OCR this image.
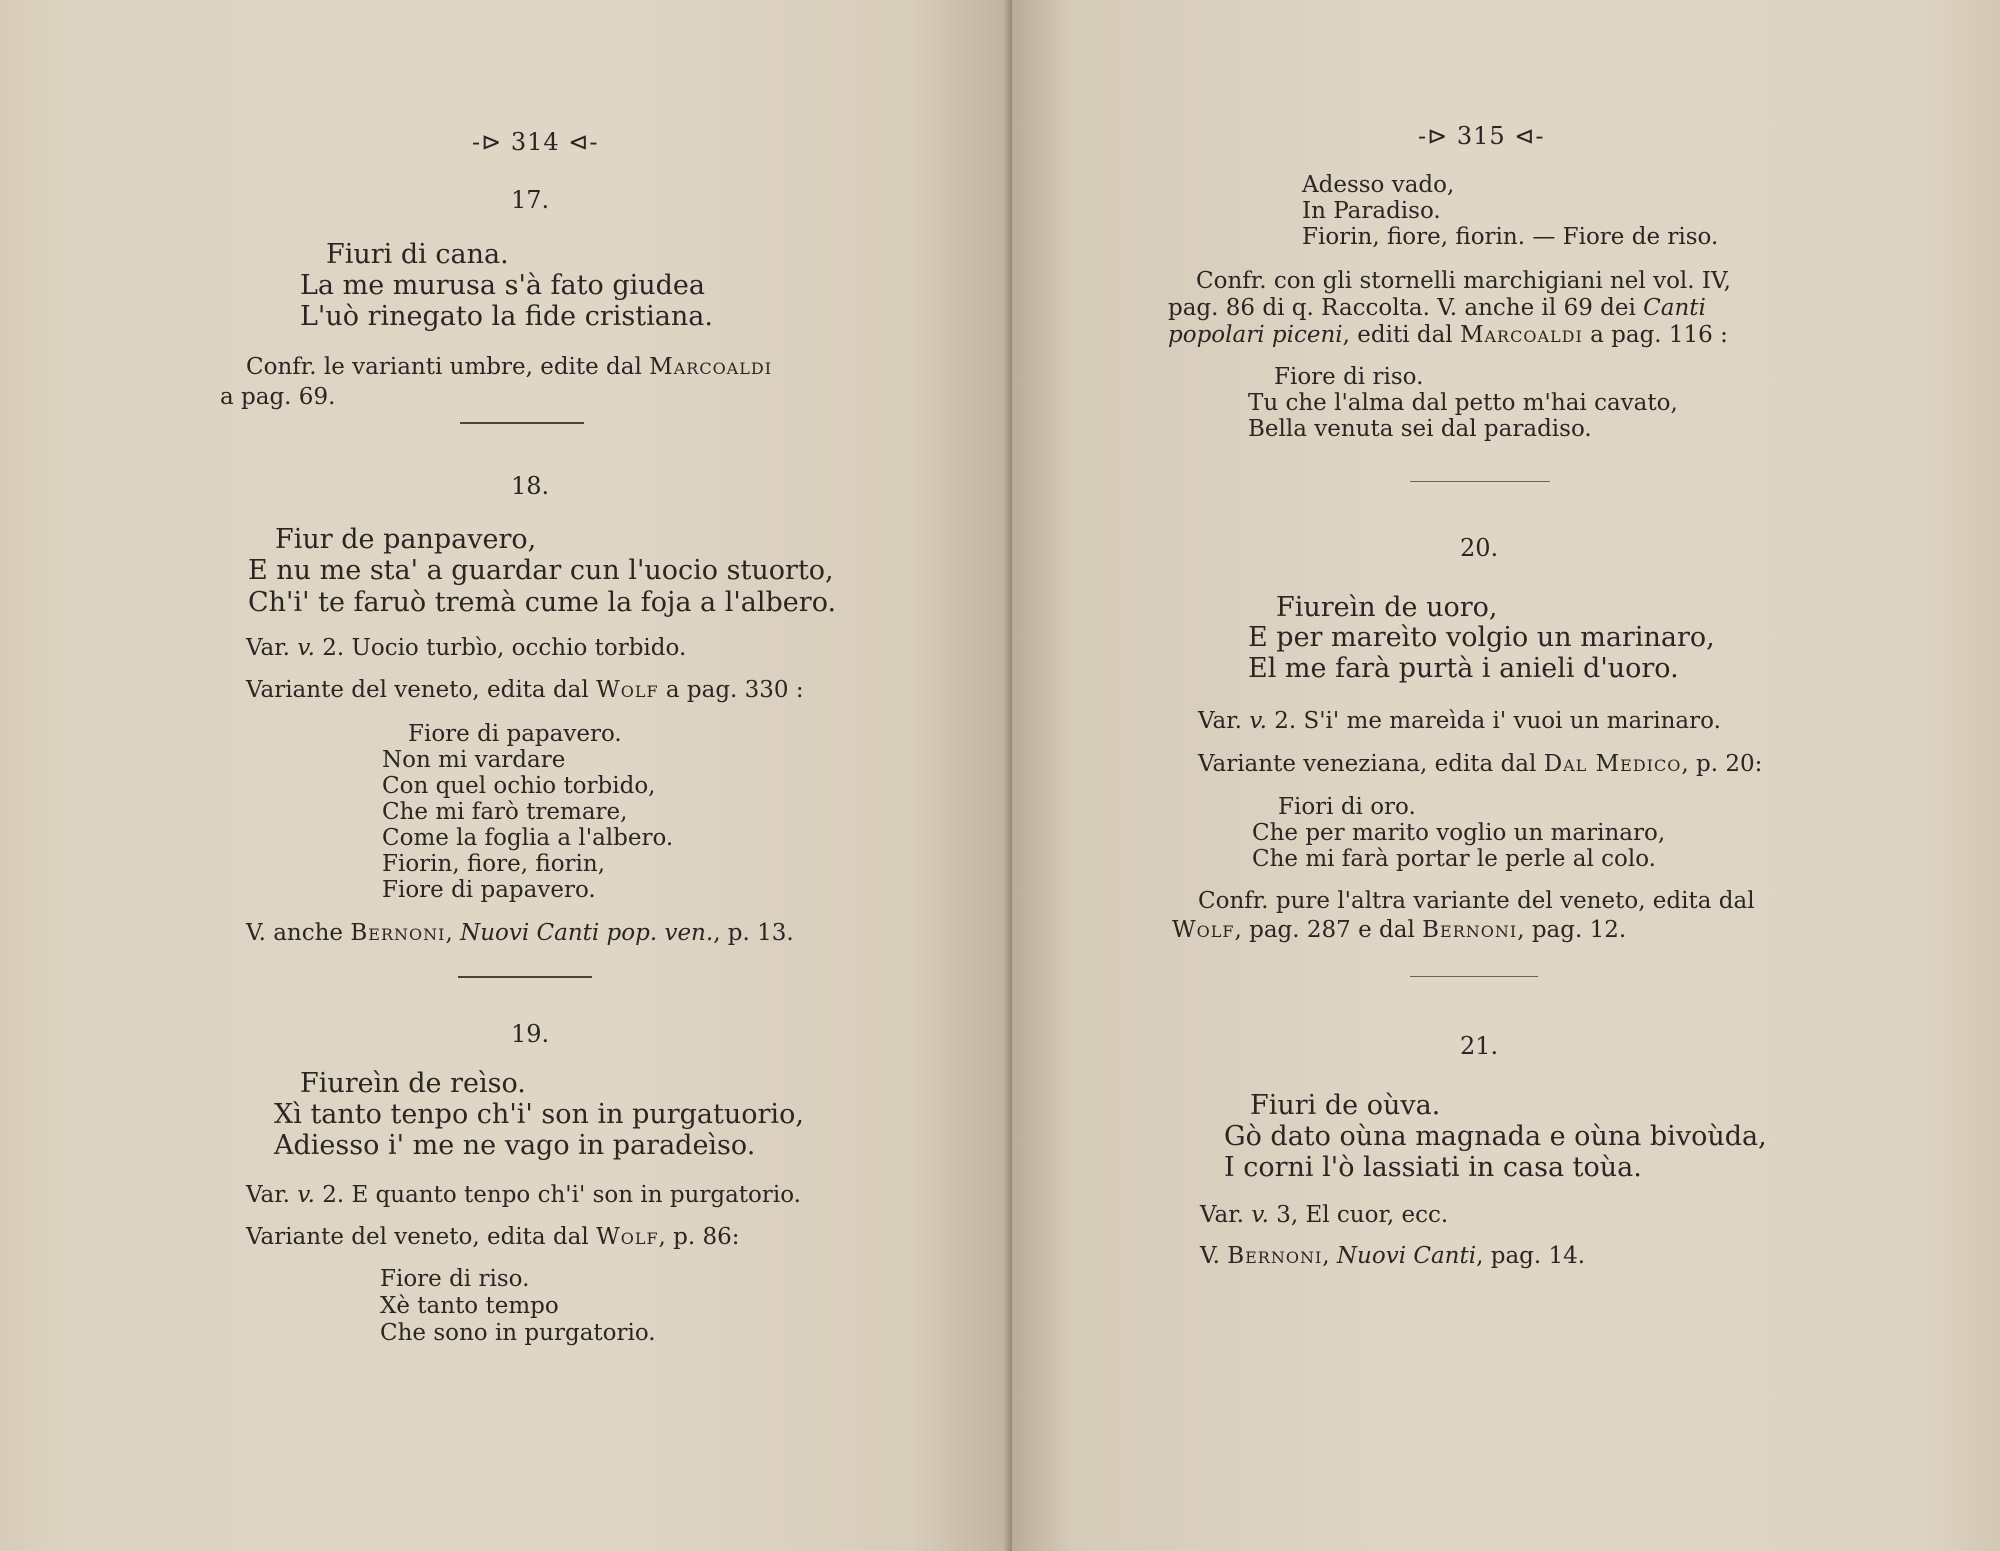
-⊳ 314 ⊲-
17.
Fiuri di cana.
La me murusa s'à fato giudea
L'uò rinegato la fide cristiana.
Confr. le varianti umbre, edite dal Marcoaldi
a pag. 69.
18.
Fiur de panpavero,
E nu me sta' a guardar cun l'uocio stuorto,
Ch'i' te faruò tremà cume la foja a l'albero.
Var. v. 2. Uocio turbìo, occhio torbido.
Variante del veneto, edita dal Wolf a pag. 330 :
Fiore di papavero.
Non mi vardare
Con quel ochio torbido,
Che mi farò tremare,
Come la foglia a l'albero.
Fiorin, fiore, fiorin,
Fiore di papavero.
V. anche Bernoni, Nuovi Canti pop. ven., p. 13.
19.
Fiureìn de reìso.
Xì tanto tenpo ch'i' son in purgatuorio,
Adiesso i' me ne vago in paradeìso.
Var. v. 2. E quanto tenpo ch'i' son in purgatorio.
Variante del veneto, edita dal Wolf, p. 86:
Fiore di riso.
Xè tanto tempo
Che sono in purgatorio.
-⊳ 315 ⊲-
Adesso vado,
In Paradiso.
Fiorin, fiore, fiorin. — Fiore de riso.
Confr. con gli stornelli marchigiani nel vol. IV,
pag. 86 di q. Raccolta. V. anche il 69 dei Canti
popolari piceni, editi dal Marcoaldi a pag. 116 :
Fiore di riso.
Tu che l'alma dal petto m'hai cavato,
Bella venuta sei dal paradiso.
20.
Fiureìn de uoro,
E per mareìto volgio un marinaro,
El me farà purtà i anieli d'uoro.
Var. v. 2. S'i' me mareìda i' vuoi un marinaro.
Variante veneziana, edita dal Dal Medico, p. 20:
Fiori di oro.
Che per marito voglio un marinaro,
Che mi farà portar le perle al colo.
Confr. pure l'altra variante del veneto, edita dal
Wolf, pag. 287 e dal Bernoni, pag. 12.
21.
Fiuri de oùva.
Gò dato oùna magnada e oùna bivoùda,
I corni l'ò lassiati in casa toùa.
Var. v. 3, El cuor, ecc.
V. Bernoni, Nuovi Canti, pag. 14.
